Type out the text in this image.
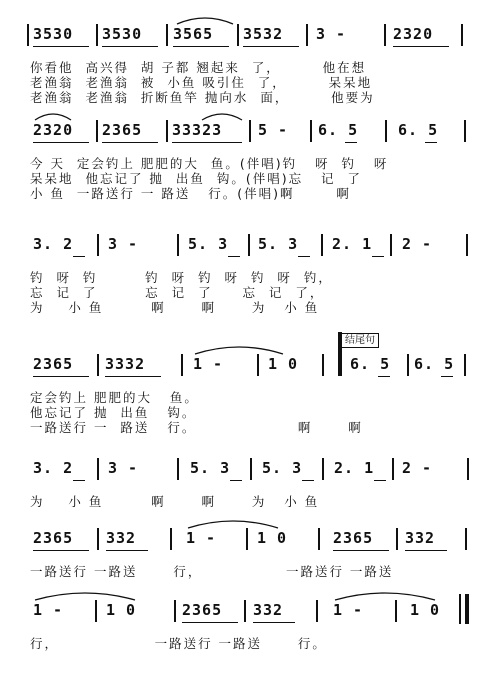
3530 3530 3565 3532 3 -	2320
你看他  高兴得  胡 子都 翘起来  了，       他在想
老渔翁  老渔翁  被  小鱼 吸引住  了，       呆呆地
老渔翁  老渔翁  折断鱼竿 抛向水  面，       他要为
2320 2365 33323 5 - 6. 5	6. 5
今 天  定会钓上 肥肥的大  鱼。(伴唱)钓   呀  钓   呀
呆呆地  他忘记了 抛  出鱼  钩。(伴唱)忘   记  了
小 鱼  一路送行 一 路送   行。(伴唱)啊       啊
3. 2 3 -	5. 3 5. 3 2. 1 2 -
钓  呀  钓        钓  呀  钓  呀  钓  呀  钓，
忘  记  了        忘  记  了     忘  记  了，
为    小 鱼        啊      啊      为   小 鱼
结尾句
2365 3332	1 -	1 0	6. 5 6. 5
定会钓上 肥肥的大   鱼。
他忘记了 抛  出鱼   钩。
一路送行 一  路送   行。                 啊      啊
3. 2 3 -	5. 3 5. 3 2. 1 2 -
为    小 鱼        啊      啊      为   小 鱼
2365 332	1 -	1 0	2365 332
一路送行 一路送      行，              一路送行 一路送
1 -	1 0	2365 332	1 -	1 0
行，                一路送行 一路送      行。
